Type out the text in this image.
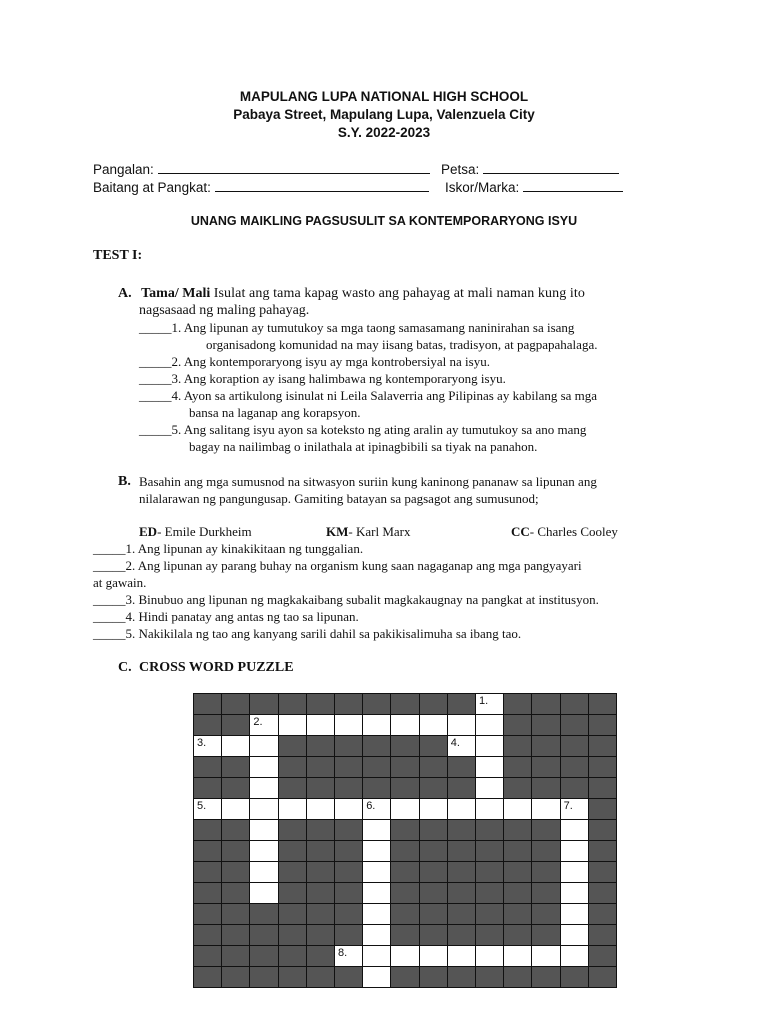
MAPULANG LUPA NATIONAL HIGH SCHOOL
Pabaya Street, Mapulang Lupa, Valenzuela City
S.Y. 2022-2023
Pangalan:	Petsa:
Baitang at Pangkat:	Iskor/Marka:
UNANG MAIKLING PAGSUSULIT SA KONTEMPORARYONG ISYU
TEST I:
A. Tama/ Mali Isulat ang tama kapag wasto ang pahayag at mali naman kung ito
nagsasaad ng maling pahayag.
_____1. Ang lipunan ay tumutukoy sa mga taong samasamang naninirahan sa isang
organisadong komunidad na may iisang batas, tradisyon, at pagpapahalaga.
_____2. Ang kontemporaryong isyu ay mga kontrobersiyal na isyu.
_____3. Ang koraption ay isang halimbawa ng kontemporaryong isyu.
_____4. Ayon sa artikulong isinulat ni Leila Salaverria ang Pilipinas ay kabilang sa mga
bansa na laganap ang korapsyon.
_____5. Ang salitang isyu ayon sa koteksto ng ating aralin ay tumutukoy sa ano mang
bagay na nailimbag o inilathala at ipinagbibili sa tiyak na panahon.
B. Basahin ang mga sumusnod na sitwasyon suriin kung kaninong pananaw sa lipunan ang
nilalarawan ng pangungusap. Gamiting batayan sa pagsagot ang sumusunod;
ED- Emile Durkheim	KM- Karl Marx	CC- Charles Cooley
_____1. Ang lipunan ay kinakikitaan ng tunggalian.
_____2. Ang lipunan ay parang buhay na organism kung saan nagaganap ang mga pangyayari
at gawain.
_____3. Binubuo ang lipunan ng magkakaibang subalit magkakaugnay na pangkat at institusyon.
_____4. Hindi panatay ang antas ng tao sa lipunan.
_____5. Nakikilala ng tao ang kanyang sarili dahil sa pakikisalimuha sa ibang tao.
C. CROSS WORD PUZZLE
1.
2.
3.	4.
5.	6.	7.
8.
